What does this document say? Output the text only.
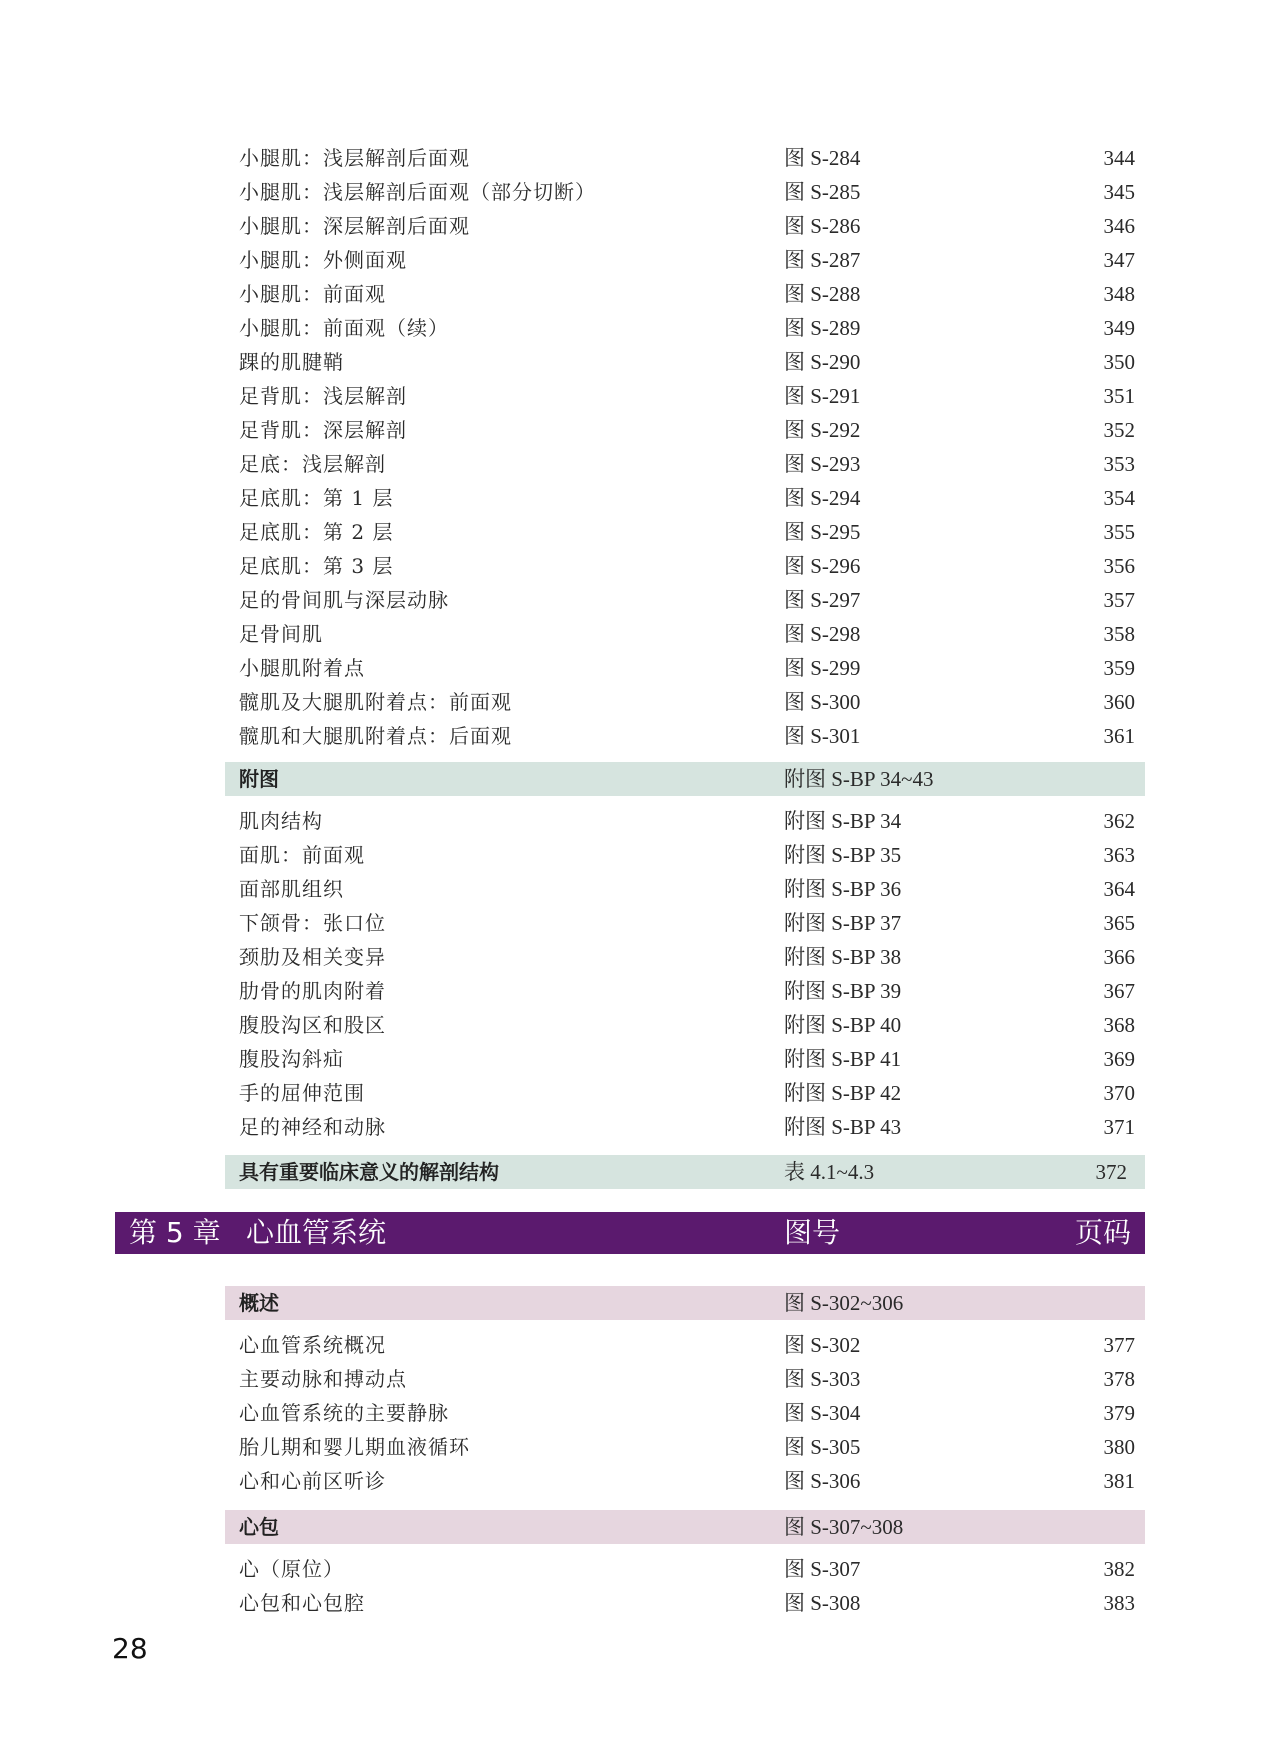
小腿肌：浅层解剖后面观	图 S-284	344
小腿肌：浅层解剖后面观（部分切断）	图 S-285	345
小腿肌：深层解剖后面观	图 S-286	346
小腿肌：外侧面观	图 S-287	347
小腿肌：前面观	图 S-288	348
小腿肌：前面观（续）	图 S-289	349
踝的肌腱鞘	图 S-290	350
足背肌：浅层解剖	图 S-291	351
足背肌：深层解剖	图 S-292	352
足底：浅层解剖	图 S-293	353
足底肌：第 1 层	图 S-294	354
足底肌：第 2 层	图 S-295	355
足底肌：第 3 层	图 S-296	356
足的骨间肌与深层动脉	图 S-297	357
足骨间肌	图 S-298	358
小腿肌附着点	图 S-299	359
髋肌及大腿肌附着点：前面观	图 S-300	360
髋肌和大腿肌附着点：后面观	图 S-301	361
附图	附图 S-BP 34~43
肌肉结构	附图 S-BP 34	362
面肌：前面观	附图 S-BP 35	363
面部肌组织	附图 S-BP 36	364
下颌骨：张口位	附图 S-BP 37	365
颈肋及相关变异	附图 S-BP 38	366
肋骨的肌肉附着	附图 S-BP 39	367
腹股沟区和股区	附图 S-BP 40	368
腹股沟斜疝	附图 S-BP 41	369
手的屈伸范围	附图 S-BP 42	370
足的神经和动脉	附图 S-BP 43	371
具有重要临床意义的解剖结构	表 4.1~4.3	372
第 5 章 心血管系统	图号	页码
概述	图 S-302~306
心血管系统概况	图 S-302	377
主要动脉和搏动点	图 S-303	378
心血管系统的主要静脉	图 S-304	379
胎儿期和婴儿期血液循环	图 S-305	380
心和心前区听诊	图 S-306	381
心包	图 S-307~308
心（原位）	图 S-307	382
心包和心包腔	图 S-308	383
28
